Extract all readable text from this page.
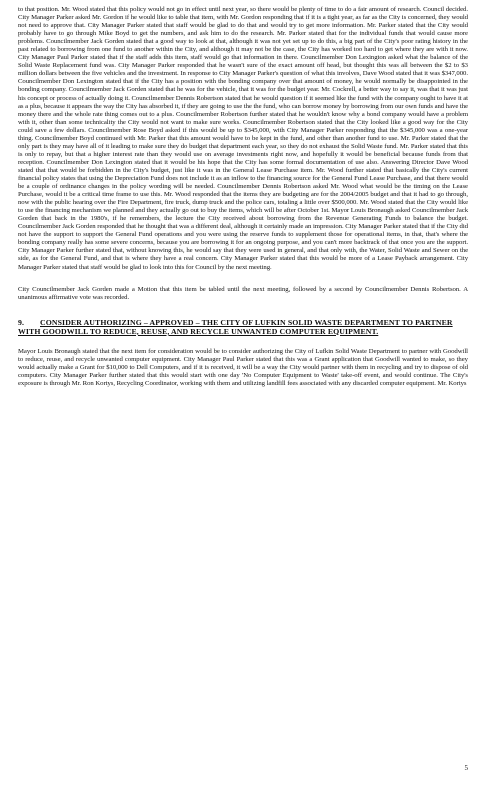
to that position. Mr. Wood stated that this policy would not go in effect until next year, so there would be plenty of time to do a fair amount of research. Council decided. City Manager Parker asked Mr. Gordon if he would like to table that item, with Mr. Gordon responding that if it is a tight year, as far as the City is concerned, they would not need to approve that. City Manager Parker stated that staff would be glad to do that and would try to get more information. Mr. Parker stated that the City would probably have to go through Mike Boyd to get the numbers, and ask him to do the research. Mr. Parker stated that for the individual funds that would cause more problems. Councilmember Jack Gorden stated that a good way to look at that, although it was not yet set up to do this, a big part of the City's poor rating history in the past related to borrowing from one fund to another within the City, and although it may not be the case, the City has worked too hard to get where they are with it now. City Manager Paul Parker stated that if the staff adds this item, staff would go that information in there. Councilmember Don Lexington asked what the balance of the Solid Waste Replacement fund was. City Manager Parker responded that he wasn't sure of the exact amount off head, but thought this was all between the $2 to $3 million dollars between the five vehicles and the investment. In response to City Manager Parker's question of what this involves, Dave Wood stated that it was $347,000. Councilmember Don Lexington stated that if the City has a position with the bonding company over that amount of money, he would normally be disappointed in the bonding company. Councilmember Jack Gorden stated that he was for the vehicle, that it was for the budget year. Mr. Cockrell, a better way to say it, was that it was just his concept or process of actually doing it. Councilmember Dennis Robertson stated that he would question if it seemed like the fund with the company ought to have it at as a plus, because it appears the way the City has absorbed it, if they are going to use the the fund, who can borrow money by borrowing from our own funds and have the money there and the whole rate thing comes out to a plus. Councilmember Robertson further stated that he wouldn't know why a bond company would have a problem with it, other than some technicality the City would not want to make sure works. Councilmember Robertson stated that the City looked like a good way for the City could save a few dollars. Councilmember Rose Boyd asked if this would be up to $345,000, with City Manager Parker responding that the $345,000 was a one-year thing. Councilmember Boyd continued with Mr. Parker that this amount would have to be kept in the fund, and other than another fund to use. Mr. Parker stated that the only part is they may have all of it leading to make sure they do budget that department each year, so they do not exhaust the Solid Waste fund. Mr. Parker stated that this is only to repay, but that a higher interest rate than they would use on average investments right now, and hopefully it would be beneficial because funds from that reception. Councilmember Don Lexington stated that it would be his hope that the City has some formal documentation of use also. Answering Director Dave Wood stated that that would be forbidden in the City's budget, just like it was in the General Lease Purchase item. Mr. Wood further stated that basically the City's current financial policy states that using the Depreciation Fund does not include it as an inflow to the financing source for the General Fund Lease Purchase, and that there would be a couple of ordinance changes in the policy wording will be needed. Councilmember Dennis Robertson asked Mr. Wood what would be the timing on the Lease Purchase, would it be a critical time frame to use this. Mr. Wood responded that the items they are budgeting are for the 2004/2005 budget and that it had to go through, now with the public hearing over the Fire Department, fire truck, dump truck and the police cars, totaling a little over $500,000. Mr. Wood stated that the City would like to use the financing mechanism we planned and they actually go out to buy the items, which will be after October 1st. Mayor Louis Bronaugh asked Councilmember Jack Gorden that back in the 1980's, if he remembers, the lecture the City received about borrowing from the Revenue Generating Funds to balance the budget. Councilmember Jack Gorden responded that he thought that was a different deal, although it certainly made an impression. City Manager Parker stated that if the City did not have the support to support the General Fund operations and you were using the reserve funds to supplement those for operational items, in that, that's where the bonding company really has some severe concerns, because you are borrowing it for an ongoing purpose, and you can't more backtrack of that once you are the support. City Manager Parker further stated that, without knowing this, he would say that they were used in general, and that only with, the Water, Solid Waste and Sewer on the side, as for the General Fund, and that is where they have a real concern. City Manager Parker stated that this would be more of a Lease Payback arrangement. City Manager Parker stated that staff would be glad to look into this for Council by the next meeting.

City Councilmember Jack Gorden made a Motion that this item be tabled until the next meeting, followed by a second by Councilmember Dennis Robertson. A unanimous affirmative vote was recorded.

9. CONSIDER AUTHORIZING – APPROVED – THE CITY OF LUFKIN SOLID WASTE DEPARTMENT TO PARTNER WITH GOODWILL TO REDUCE, REUSE, AND RECYCLE UNWANTED COMPUTER EQUIPMENT.

Mayor Louis Bronaugh stated that the next item for consideration would be to consider authorizing the City of Lufkin Solid Waste Department to partner with Goodwill to reduce, reuse, and recycle unwanted computer equipment. City Manager Paul Parker stated that this was a Grant application that Goodwill wanted to make, so they would actually make a Grant for $10,000 to Dell Computers, and if it is received, it will be a way the City would partner with them in recycling and try to dispose of old computers. City Manager Parker further stated that this would start with one day 'No Computer Equipment to Waste' take-off event, and would continue. The City's exposure is through Mr. Ron Kortys, Recycling Coordinator, working with them and utilizing landfill fees associated with any discarded computer equipment. Mr. Kortys

5
